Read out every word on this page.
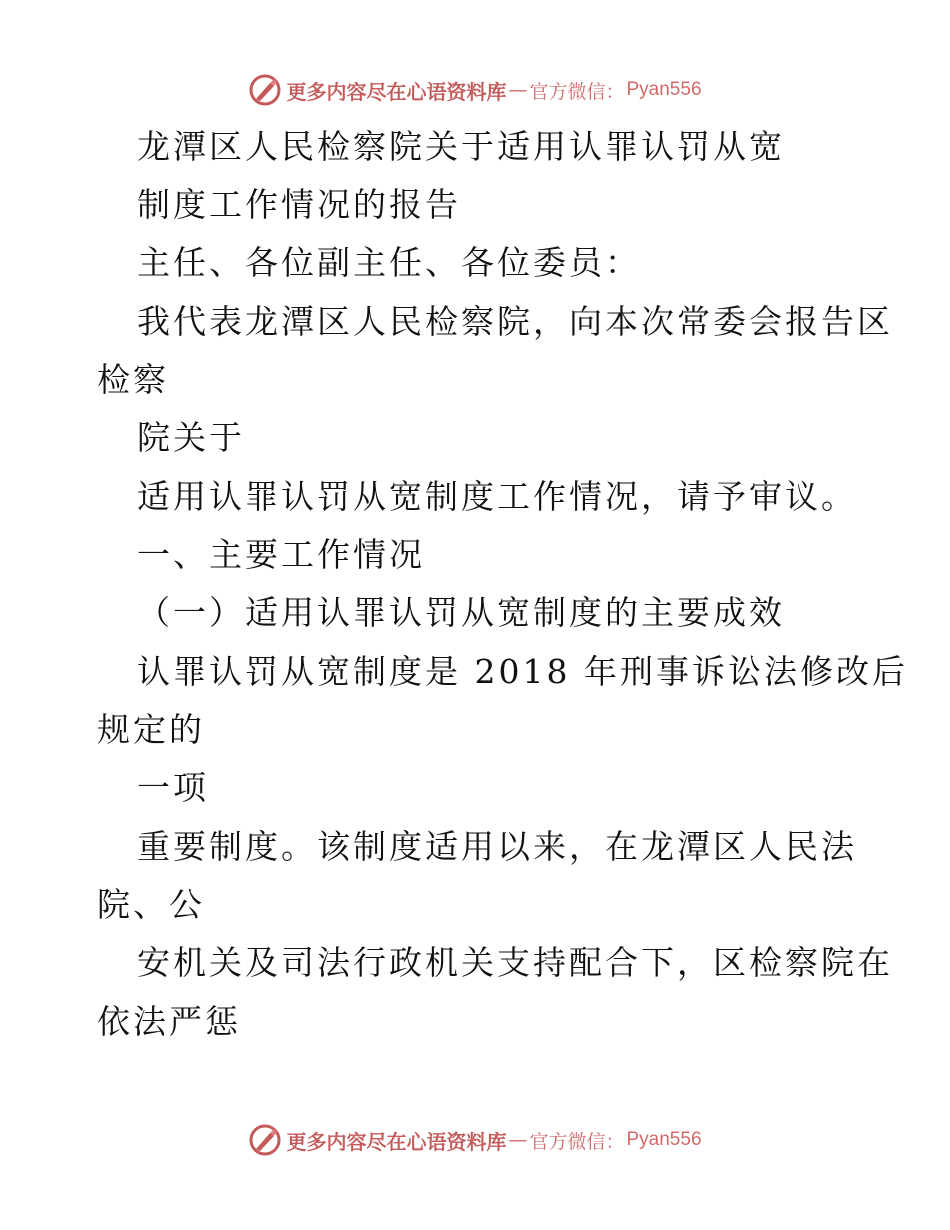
更多内容尽在心语资料库 — 官方微信： Pyan556
龙潭区人民检察院关于适用认罪认罚从宽
制度工作情况的报告
主任、各位副主任、各位委员：
我代表龙潭区人民检察院，向本次常委会报告区
检察
院关于
适用认罪认罚从宽制度工作情况，请予审议。
一、主要工作情况
（一）适用认罪认罚从宽制度的主要成效
认罪认罚从宽制度是 2018 年刑事诉讼法修改后
规定的
一项
重要制度。该制度适用以来，在龙潭区人民法
院、公
安机关及司法行政机关支持配合下，区检察院在
依法严惩
更多内容尽在心语资料库 — 官方微信： Pyan556
